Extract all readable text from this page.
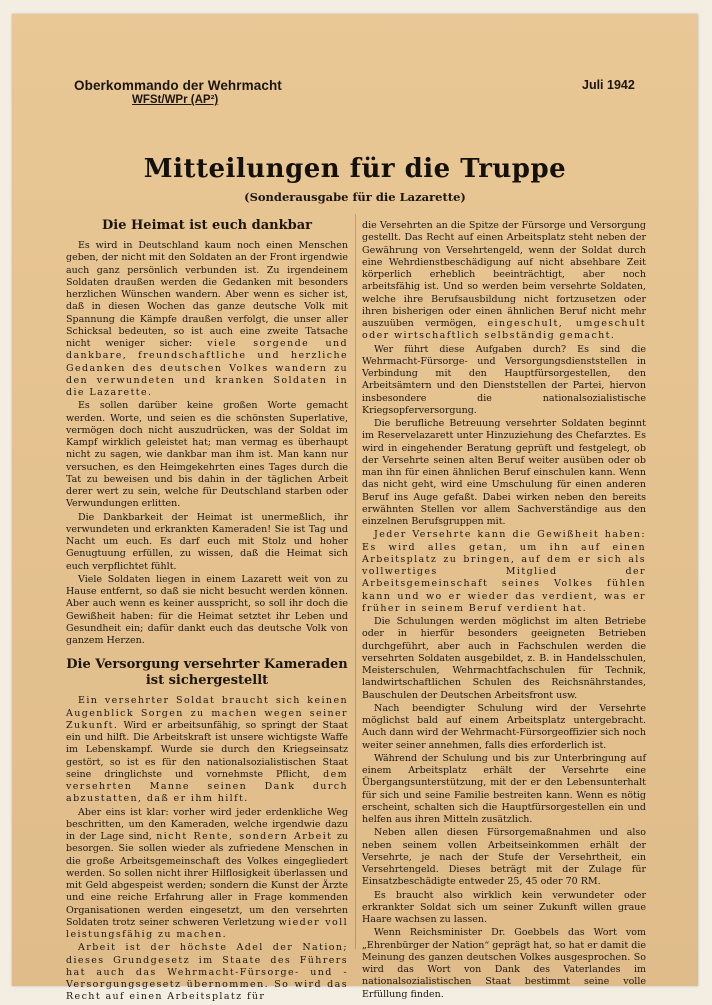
Oberkommando der Wehrmacht
WFSt/WPr (AP²)
Juli 1942
Mitteilungen für die Truppe
(Sonderausgabe für die Lazarette)
Die Heimat ist euch dankbar

Es wird in Deutschland kaum noch einen Menschen geben, der nicht mit den Soldaten an der Front irgendwie auch ganz persönlich verbunden ist. Zu irgendeinem Soldaten draußen werden die Gedanken mit besonders herzlichen Wünschen wandern. Aber wenn es sicher ist, daß in diesen Wochen das ganze deutsche Volk mit Spannung die Kämpfe draußen verfolgt, die unser aller Schicksal bedeuten, so ist auch eine zweite Tatsache nicht weniger sicher: viele sorgende und dankbare, freundschaftliche und herzliche Gedanken des deutschen Volkes wandern zu den verwundeten und kranken Soldaten in die Lazarette.

Es sollen darüber keine großen Worte gemacht werden. Worte, und seien es die schönsten Superlative, vermögen doch nicht auszudrücken, was der Soldat im Kampf wirklich geleistet hat; man vermag es überhaupt nicht zu sagen, wie dankbar man ihm ist. Man kann nur versuchen, es den Heimgekehrten eines Tages durch die Tat zu beweisen und bis dahin in der täglichen Arbeit derer wert zu sein, welche für Deutschland starben oder Verwundungen erlitten.

Die Dankbarkeit der Heimat ist unermeßlich, ihr verwundeten und erkrankten Kameraden! Sie ist Tag und Nacht um euch. Es darf euch mit Stolz und hoher Genugtuung erfüllen, zu wissen, daß die Heimat sich euch verpflichtet fühlt.

Viele Soldaten liegen in einem Lazarett weit von zu Hause entfernt, so daß sie nicht besucht werden können. Aber auch wenn es keiner ausspricht, so soll ihr doch die Gewißheit haben: für die Heimat setztet ihr Leben und Gesundheit ein; dafür dankt euch das deutsche Volk von ganzem Herzen.

Die Versorgung versehrter Kameraden
ist sichergestellt

Ein versehrter Soldat braucht sich keinen Augenblick Sorgen zu machen wegen seiner Zukunft. Wird er arbeitsunfähig, so springt der Staat ein und hilft. Die Arbeitskraft ist unsere wichtigste Waffe im Lebenskampf. Wurde sie durch den Kriegseinsatz gestört, so ist es für den nationalsozialistischen Staat seine dringlichste und vornehmste Pflicht, dem versehrten Manne seinen Dank durch abzustatten, daß er ihm hilft.

Aber eins ist klar: vorher wird jeder erdenkliche Weg beschritten, um den Kameraden, welche irgendwie dazu in der Lage sind, nicht Rente, sondern Arbeit zu besorgen. Sie sollen wieder als zufriedene Menschen in die große Arbeitsgemeinschaft des Volkes eingegliedert werden. So sollen nicht ihrer Hilflosigkeit überlassen und mit Geld abgespeist werden; sondern die Kunst der Ärzte und eine reiche Erfahrung aller in Frage kommenden Organisationen werden eingesetzt, um den versehrten Soldaten trotz seiner schweren Verletzung wieder voll leistungsfähig zu machen.

Arbeit ist der höchste Adel der Nation; dieses Grundgesetz im Staate des Führers hat auch das Wehrmacht-Fürsorge- und -Versorgungsgesetz übernommen. So wird das Recht auf einen Arbeitsplatz für

die Versehrten an die Spitze der Fürsorge und Versorgung gestellt. Das Recht auf einen Arbeitsplatz steht neben der Gewährung von Versehrtengeld, wenn der Soldat durch eine Wehrdienstbeschädigung auf nicht absehbare Zeit körperlich erheblich beeinträchtigt, aber noch arbeitsfähig ist. Und so werden beim versehrte Soldaten, welche ihre Berufsausbildung nicht fortzusetzen oder ihren bisherigen oder einen ähnlichen Beruf nicht mehr auszuüben vermögen, eingeschult, umgeschult oder wirtschaftlich selbständig gemacht.

Wer führt diese Aufgaben durch? Es sind die Wehrmacht-Fürsorge- und Versorgungsdienststellen in Verbindung mit den Hauptfürsorgestellen, den Arbeitsämtern und den Dienststellen der Partei, hiervon insbesondere die nationalsozialistische Kriegsopferversorgung.

Die berufliche Betreuung versehrter Soldaten beginnt im Reservelazarett unter Hinzuziehung des Chefarztes. Es wird in eingehender Beratung geprüft und festgelegt, ob der Versehrte seinen alten Beruf weiter ausüben oder ob man ihn für einen ähnlichen Beruf einschulen kann. Wenn das nicht geht, wird eine Umschulung für einen anderen Beruf ins Auge gefaßt. Dabei wirken neben den bereits erwähnten Stellen vor allem Sachverständige aus den einzelnen Berufsgruppen mit.

Jeder Versehrte kann die Gewißheit haben: Es wird alles getan, um ihn auf einen Arbeitsplatz zu bringen, auf dem er sich als vollwertiges Mitglied der Arbeitsgemeinschaft seines Volkes fühlen kann und wo er wieder das verdient, was er früher in seinem Beruf verdient hat.

Die Schulungen werden möglichst im alten Betriebe oder in hierfür besonders geeigneten Betrieben durchgeführt, aber auch in Fachschulen werden die versehrten Soldaten ausgebildet, z. B. in Handelsschulen, Meisterschulen, Wehrmachtfachschulen für Technik, landwirtschaftlichen Schulen des Reichsnährstandes, Bauschulen der Deutschen Arbeitsfront usw.

Nach beendigter Schulung wird der Versehrte möglichst bald auf einem Arbeitsplatz untergebracht. Auch dann wird der Wehrmacht-Fürsorgeoffizier sich noch weiter seiner annehmen, falls dies erforderlich ist.

Während der Schulung und bis zur Unterbringung auf einem Arbeitsplatz erhält der Versehrte eine Übergangsunterstützung, mit der er den Lebensunterhalt für sich und seine Familie bestreiten kann. Wenn es nötig erscheint, schalten sich die Hauptfürsorgestellen ein und helfen aus ihren Mitteln zusätzlich.

Neben allen diesen Fürsorgemaßnahmen und also neben seinem vollen Arbeitseinkommen erhält der Versehrte, je nach der Stufe der Versehrtheit, ein Versehrtengeld. Dieses beträgt mit der Zulage für Einsatzbeschädigte entweder 25, 45 oder 70 RM.

Es braucht also wirklich kein verwundeter oder erkrankter Soldat sich um seiner Zukunft willen graue Haare wachsen zu lassen.

Wenn Reichsminister Dr. Goebbels das Wort vom „Ehrenbürger der Nation“ geprägt hat, so hat er damit die Meinung des ganzen deutschen Volkes ausgesprochen. So wird das Wort von Dank des Vaterlandes im nationalsozialistischen Staat bestimmt seine volle Erfüllung finden.
